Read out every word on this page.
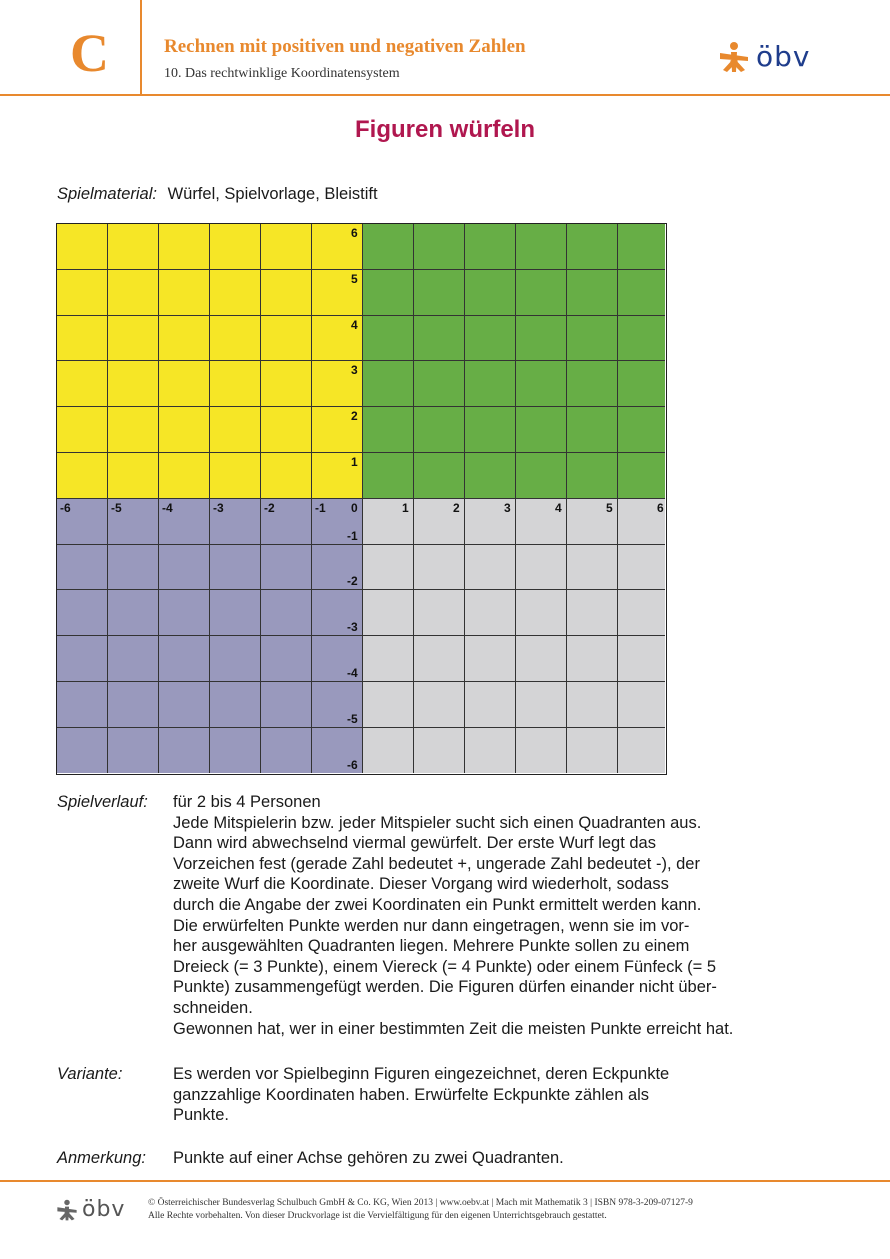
C	Rechnen mit positiven und negativen Zahlen
10. Das rechtwinklige Koordinatensystem
öbv
Figuren würfeln
Spielmaterial: Würfel, Spielvorlage, Bleistift
-6	-5	-4	-3	-2	-1 0	1	2	3	4	5	6
6
5
4
3
2
1
-1
-2
-3
-4
-5
-6
Spielverlauf: für 2 bis 4 Personen
Jede Mitspielerin bzw. jeder Mitspieler sucht sich einen Quadranten aus.
Dann wird abwechselnd viermal gewürfelt. Der erste Wurf legt das
Vorzeichen fest (gerade Zahl bedeutet +, ungerade Zahl bedeutet -), der
zweite Wurf die Koordinate. Dieser Vorgang wird wiederholt, sodass
durch die Angabe der zwei Koordinaten ein Punkt ermittelt werden kann.
Die erwürfelten Punkte werden nur dann eingetragen, wenn sie im vor-
her ausgewählten Quadranten liegen. Mehrere Punkte sollen zu einem
Dreieck (= 3 Punkte), einem Viereck (= 4 Punkte) oder einem Fünfeck (= 5
Punkte) zusammengefügt werden. Die Figuren dürfen einander nicht über-
schneiden.
Gewonnen hat, wer in einer bestimmten Zeit die meisten Punkte erreicht hat.
Variante:	Es werden vor Spielbeginn Figuren eingezeichnet, deren Eckpunkte
ganzzahlige Koordinaten haben. Erwürfelte Eckpunkte zählen als
Punkte.
Anmerkung: Punkte auf einer Achse gehören zu zwei Quadranten.
öbv © Österreichischer Bundesverlag Schulbuch GmbH & Co. KG, Wien 2013 | www.oebv.at | Mach mit Mathematik 3 | ISBN 978-3-209-07127-9
Alle Rechte vorbehalten. Von dieser Druckvorlage ist die Vervielfältigung für den eigenen Unterrichtsgebrauch gestattet.
